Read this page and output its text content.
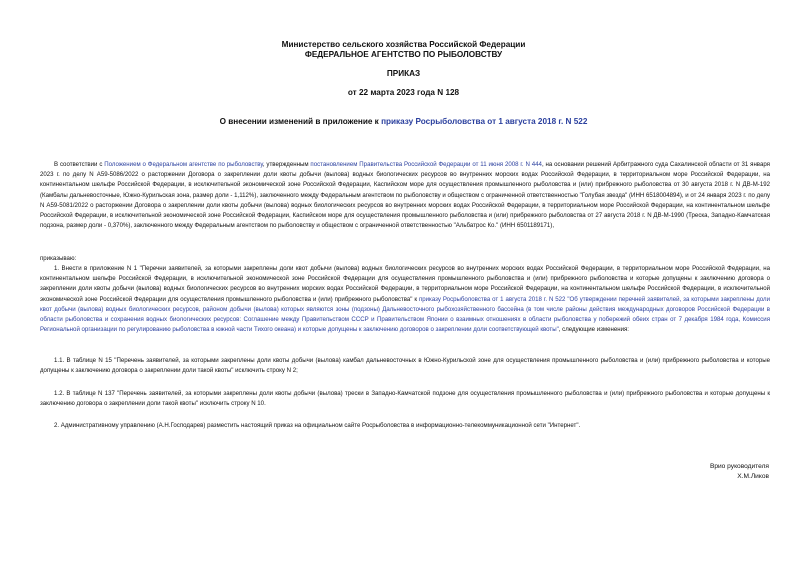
Министерство сельского хозяйства Российской Федерации
ФЕДЕРАЛЬНОЕ АГЕНТСТВО ПО РЫБОЛОВСТВУ
ПРИКАЗ
от 22 марта 2023 года N 128
О внесении изменений в приложение к приказу Росрыболовства от 1 августа 2018 г. N 522

В соответствии с Положением о Федеральном агентстве по рыболовству, утвержденным постановлением Правительства Российской Федерации от 11 июня 2008 г. N 444, на основании решений Арбитражного суда Сахалинской области от 31 января 2023 г. по делу N А59-5086/2022 о расторжении Договора о закреплении доли квоты добычи (вылова) водных биологических ресурсов во внутренних морских водах Российской Федерации, в территориальном море Российской Федерации, на континентальном шельфе Российской Федерации, в исключительной экономической зоне Российской Федерации, Каспийском море для осуществления промышленного рыболовства и (или) прибрежного рыболовства от 30 августа 2018 г. N ДВ-М-192 (Камбалы дальневосточные, Южно-Курильская зона, размер доли - 1,112%), заключенного между Федеральным агентством по рыболовству и обществом с ограниченной ответственностью "Голубая звезда" (ИНН 6518004894), и от 24 января 2023 г. по делу N А59-5081/2022 о расторжении Договора о закреплении доли квоты добычи (вылова) водных биологических ресурсов во внутренних морских водах Российской Федерации, в территориальном море Российской Федерации, на континентальном шельфе Российской Федерации, в исключительной экономической зоне Российской Федерации, Каспийском море для осуществления промышленного рыболовства и (или) прибрежного рыболовства от 27 августа 2018 г. N ДВ-М-1990 (Треска, Западно-Камчатская подзона, размер доли - 0,370%), заключенного между Федеральным агентством по рыболовству и обществом с ограниченной ответственностью "Альбатрос Ко." (ИНН 6501189171),

приказываю:

1. Внести в приложение N 1 "Перечни заявителей, за которыми закреплены доли квот добычи (вылова) водных биологических ресурсов во внутренних морских водах Российской Федерации, в территориальном море Российской Федерации, на континентальном шельфе Российской Федерации, в исключительной экономической зоне Российской Федерации для осуществления промышленного рыболовства и (или) прибрежного рыболовства и которые допущены к заключению договора о закреплении доли квоты добычи (вылова) водных биологических ресурсов во внутренних морских водах Российской Федерации, в территориальном море Российской Федерации, на континентальном шельфе Российской Федерации, в исключительной экономической зоне Российской Федерации для осуществления промышленного рыболовства и (или) прибрежного рыболовства" к приказу Росрыболовства от 1 августа 2018 г. N 522 "Об утверждении перечней заявителей, за которыми закреплены доли квот добычи (вылова) водных биологических ресурсов, районом добычи (вылова) которых являются зоны (подзоны) Дальневосточного рыбохозяйственного бассейна (в том числе районы действия международных договоров Российской Федерации в области рыболовства и сохранения водных биологических ресурсов: Соглашение между Правительством СССР и Правительством Японии о взаимных отношениях в области рыболовства у побережий обеих стран от 7 декабря 1984 года, Комиссия Региональной организации по регулированию рыболовства в южной части Тихого океана) и которые допущены к заключению договоров о закреплении доли соответствующей квоты", следующие изменения:

1.1. В таблице N 15 "Перечень заявителей, за которыми закреплены доли квоты добычи (вылова) камбал дальневосточных в Южно-Курильской зоне для осуществления промышленного рыболовства и (или) прибрежного рыболовства и которые допущены к заключению договора о закреплении доли такой квоты" исключить строку N 2;

1.2. В таблице N 137 "Перечень заявителей, за которыми закреплены доли квоты добычи (вылова) трески в Западно-Камчатской подзоне для осуществления промышленного рыболовства и (или) прибрежного рыболовства и которые допущены к заключению договора о закреплении доли такой квоты" исключить строку N 10.

2. Административному управлению (А.Н.Господарев) разместить настоящий приказ на официальном сайте Росрыболовства в информационно-телекоммуникационной сети "Интернет".

Врио руководителя
Х.М.Ликов
